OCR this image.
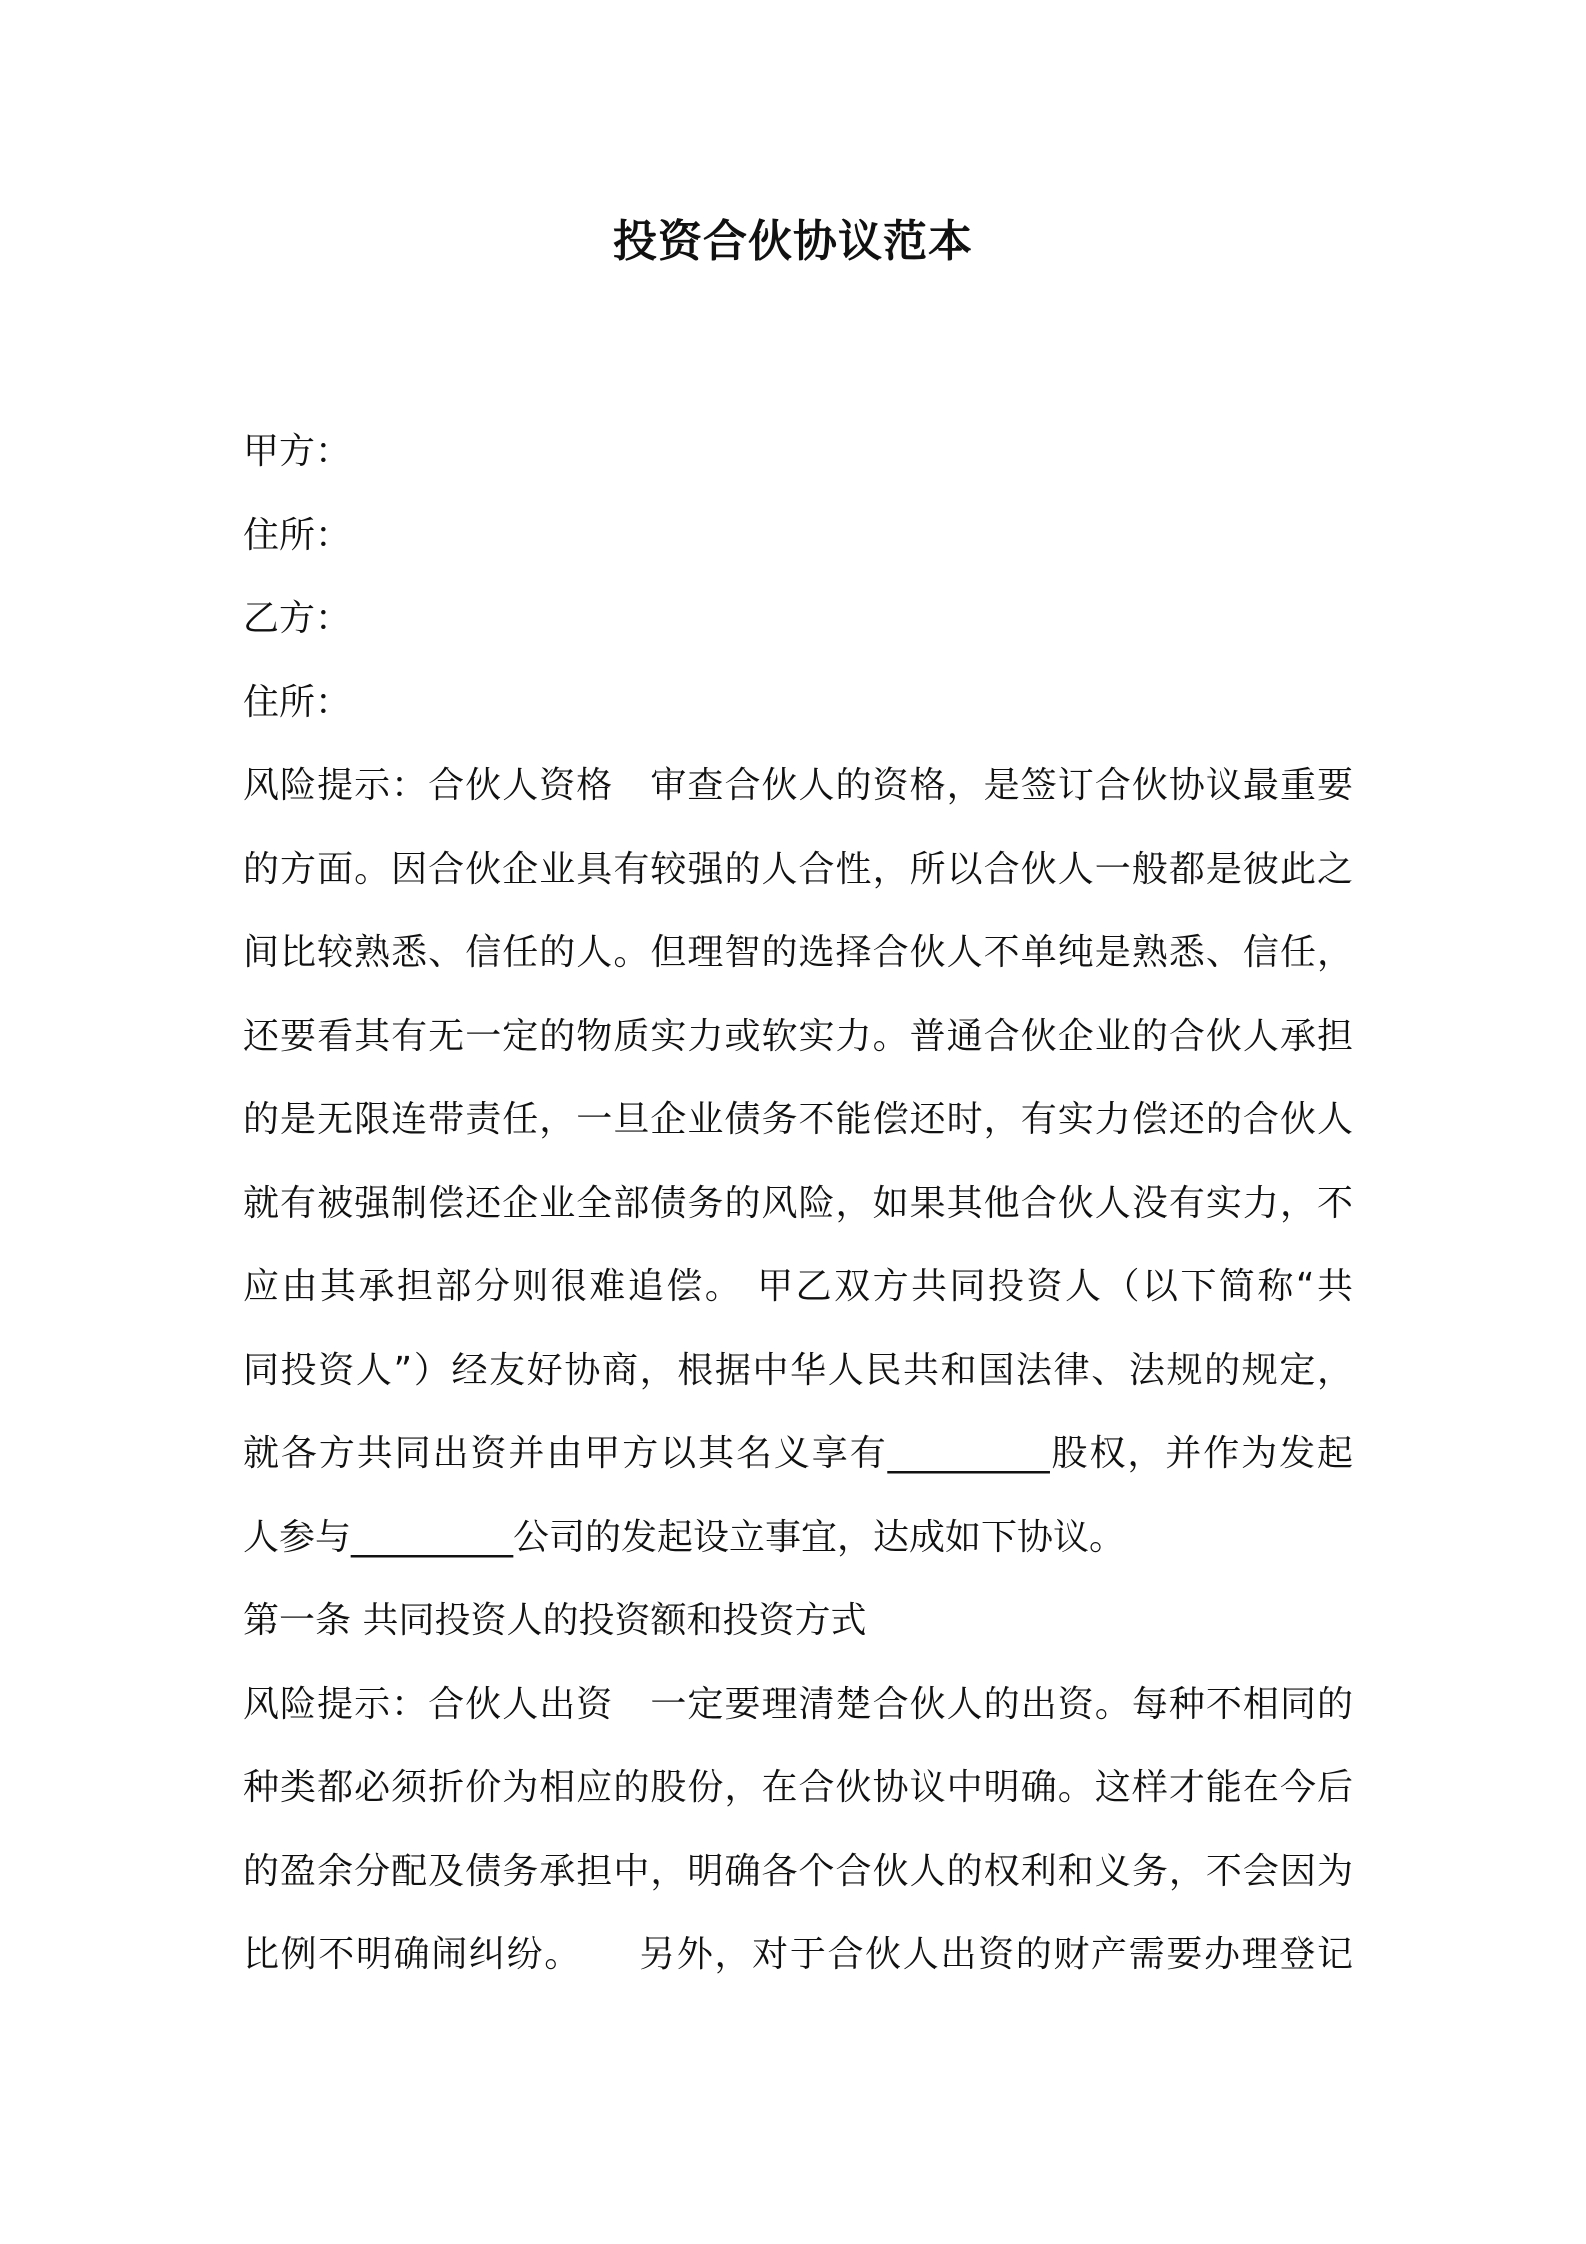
投资合伙协议范本
甲方：
住所：
乙方：
住所：
风险提示：合伙人资格　审查合伙人的资格，是签订合伙协议最重要
的方面。因合伙企业具有较强的人合性，所以合伙人一般都是彼此之
间比较熟悉、信任的人。但理智的选择合伙人不单纯是熟悉、信任，
还要看其有无一定的物质实力或软实力。普通合伙企业的合伙人承担
的是无限连带责任，一旦企业债务不能偿还时，有实力偿还的合伙人
就有被强制偿还企业全部债务的风险，如果其他合伙人没有实力，不
应由其承担部分则很难追偿。 甲乙双方共同投资人（以下简称“共
同投资人”）经友好协商，根据中华人民共和国法律、法规的规定，
就各方共同出资并由甲方以其名义享有_________股权，并作为发起
人参与_________公司的发起设立事宜，达成如下协议。
第一条 共同投资人的投资额和投资方式
风险提示：合伙人出资　一定要理清楚合伙人的出资。每种不相同的
种类都必须折价为相应的股份，在合伙协议中明确。这样才能在今后
的盈余分配及债务承担中，明确各个合伙人的权利和义务，不会因为
比例不明确闹纠纷。　　另外，对于合伙人出资的财产需要办理登记
